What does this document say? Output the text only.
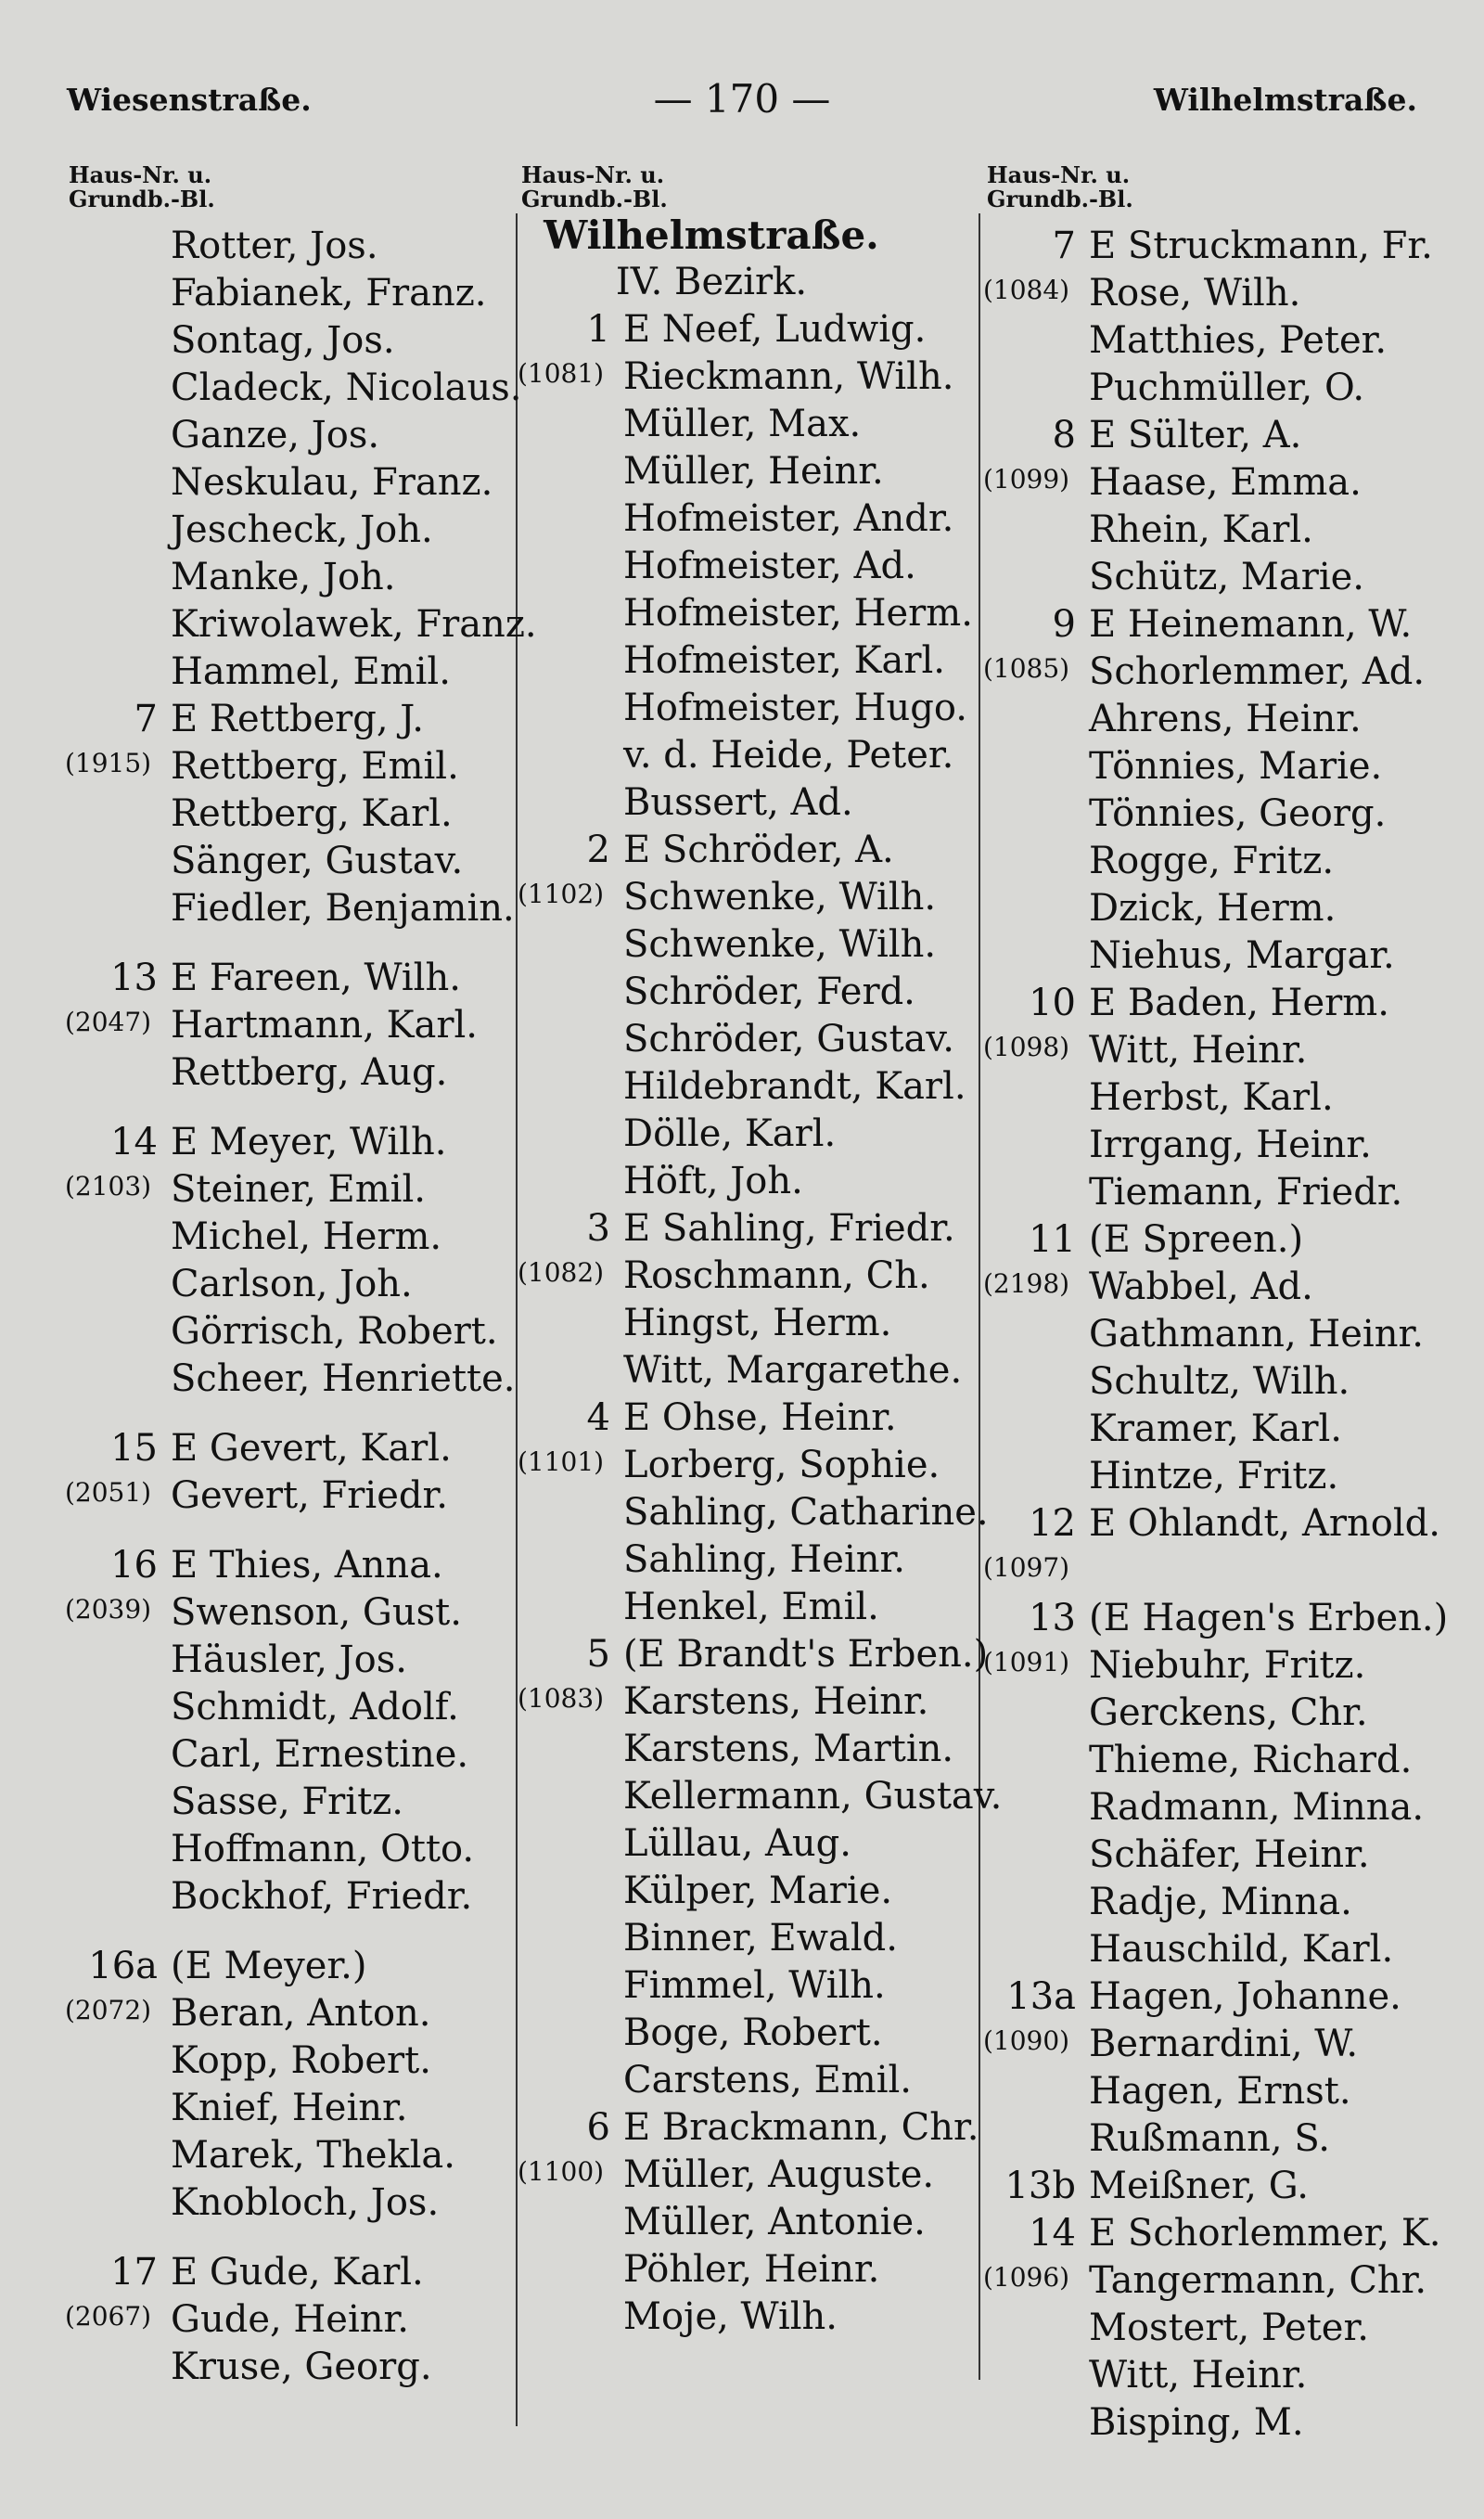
Wiesenstraße.	— 170 —	Wilhelmstraße.
Haus-Nr. u.
Grundb.-Bl.
Rotter, Jos.
Fabianek, Franz.
Sontag, Jos.
Cladeck, Nicolaus.
Ganze, Jos.
Neskulau, Franz.
Jescheck, Joh.
Manke, Joh.
Kriwolawek, Franz.
Hammel, Emil.
7 E Rettberg, J.
(1915) Rettberg, Emil.
Rettberg, Karl.
Sänger, Gustav.
Fiedler, Benjamin.
13 E Fareen, Wilh.
(2047) Hartmann, Karl.
Rettberg, Aug.
14 E Meyer, Wilh.
(2103) Steiner, Emil.
Michel, Herm.
Carlson, Joh.
Görrisch, Robert.
Scheer, Henriette.
15 E Gevert, Karl.
(2051) Gevert, Friedr.
16 E Thies, Anna.
(2039) Swenson, Gust.
Häusler, Jos.
Schmidt, Adolf.
Carl, Ernestine.
Sasse, Fritz.
Hoffmann, Otto.
Bockhof, Friedr.
16a (E Meyer.)
(2072) Beran, Anton.
Kopp, Robert.
Knief, Heinr.
Marek, Thekla.
Knobloch, Jos.
17 E Gude, Karl.
(2067) Gude, Heinr.
Kruse, Georg.
Haus-Nr. u.
Grundb.-Bl.
Wilhelmstraße.
IV. Bezirk.
1 E Neef, Ludwig.
(1081) Rieckmann, Wilh.
Müller, Max.
Müller, Heinr.
Hofmeister, Andr.
Hofmeister, Ad.
Hofmeister, Herm.
Hofmeister, Karl.
Hofmeister, Hugo.
v. d. Heide, Peter.
Bussert, Ad.
2 E Schröder, A.
(1102) Schwenke, Wilh.
Schwenke, Wilh.
Schröder, Ferd.
Schröder, Gustav.
Hildebrandt, Karl.
Dölle, Karl.
Höft, Joh.
3 E Sahling, Friedr.
(1082) Roschmann, Ch.
Hingst, Herm.
Witt, Margarethe.
4 E Ohse, Heinr.
(1101) Lorberg, Sophie.
Sahling, Catharine.
Sahling, Heinr.
Henkel, Emil.
5 (E Brandt's Erben.)
(1083) Karstens, Heinr.
Karstens, Martin.
Kellermann, Gustav.
Lüllau, Aug.
Külper, Marie.
Binner, Ewald.
Fimmel, Wilh.
Boge, Robert.
Carstens, Emil.
6 E Brackmann, Chr.
(1100) Müller, Auguste.
Müller, Antonie.
Pöhler, Heinr.
Moje, Wilh.
Haus-Nr. u.
Grundb.-Bl.
7 E Struckmann, Fr.
(1084) Rose, Wilh.
Matthies, Peter.
Puchmüller, O.
8 E Sülter, A.
(1099) Haase, Emma.
Rhein, Karl.
Schütz, Marie.
9 E Heinemann, W.
(1085) Schorlemmer, Ad.
Ahrens, Heinr.
Tönnies, Marie.
Tönnies, Georg.
Rogge, Fritz.
Dzick, Herm.
Niehus, Margar.
10 E Baden, Herm.
(1098) Witt, Heinr.
Herbst, Karl.
Irrgang, Heinr.
Tiemann, Friedr.
11 (E Spreen.)
(2198) Wabbel, Ad.
Gathmann, Heinr.
Schultz, Wilh.
Kramer, Karl.
Hintze, Fritz.
12 E Ohlandt, Arnold.
(1097)
13 (E Hagen's Erben.)
(1091) Niebuhr, Fritz.
Gerckens, Chr.
Thieme, Richard.
Radmann, Minna.
Schäfer, Heinr.
Radje, Minna.
Hauschild, Karl.
13a Hagen, Johanne.
(1090) Bernardini, W.
Hagen, Ernst.
Rußmann, S.
13b Meißner, G.
14 E Schorlemmer, K.
(1096) Tangermann, Chr.
Mostert, Peter.
Witt, Heinr.
Bisping, M.
